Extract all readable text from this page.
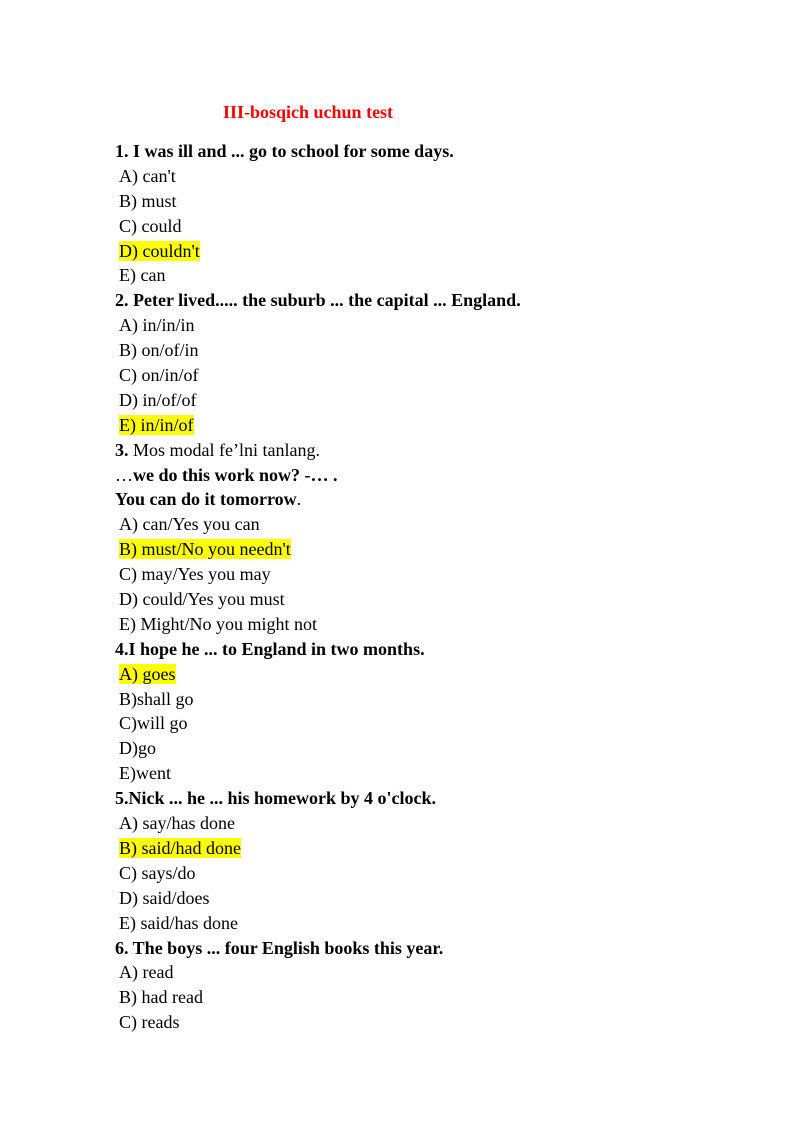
III-bosqich uchun test
1. I was ill and ... go to school for some days.
A) can't
B) must
C) could
D) couldn't
E) can
2. Peter lived..... the suburb ... the capital ... England.
A) in/in/in
B) on/of/in
C) on/in/of
D) in/of/of
E) in/in/of
3. Mos modal fe’lni tanlang.
…we do this work now? -… .
You can do it tomorrow.
A) can/Yes you can
B) must/No you needn't
C) may/Yes you may
D) could/Yes you must
E) Might/No you might not
4.I hope he ... to England in two months.
A) goes
B)shall go
C)will go
D)go
E)went
5.Nick ... he ... his homework by 4 o'clock.
A) say/has done
B) said/had done
C) says/do
D) said/does
E) said/has done
6. The boys ... four English books this year.
A) read
B) had read
C) reads
